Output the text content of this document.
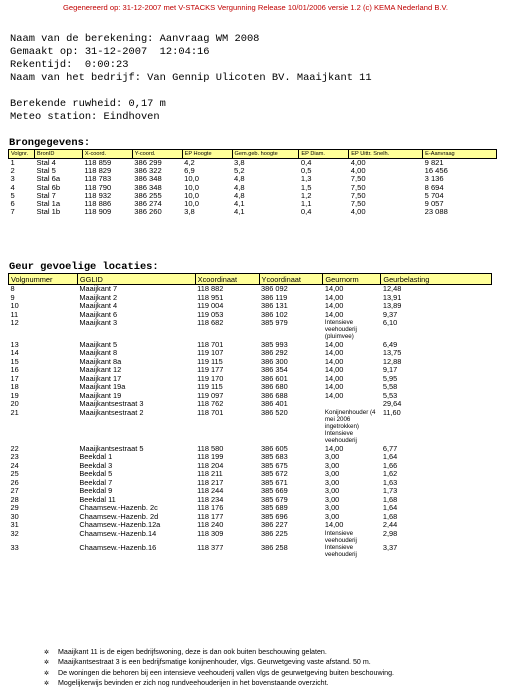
Gegenereerd op: 31-12-2007 met V-STACKS Vergunning Release 10/01/2006 versie 1.2 (c) KEMA Nederland B.V.
Naam van de berekening: Aanvraag WM 2008
Gemaakt op: 31-12-2007  12:04:16
Rekentijd:  0:00:23
Naam van het bedrijf: Van Gennip Ulicoten BV. Maaijkant 11
Berekende ruwheid: 0,17 m
Meteo station: Eindhoven
Brongegevens:
Volgnr.	BronID	X-coord.	Y-coord.	EP Hoogte	Gem.geb. hoogte	EP Diam.	EP Uittr. Snelh.	E-Aanvraag
1	Stal 4	118 859	386 299	4,2	3,8	0,4	4,00	9 821
2	Stal 5	118 829	386 322	6,9	5,2	0,5	4,00	16 456
3	Stal 6a	118 783	386 348	10,0	4,8	1,3	7,50	3 136
4	Stal 6b	118 790	386 348	10,0	4,8	1,5	7,50	8 694
5	Stal 7	118 932	386 255	10,0	4,8	1,2	7,50	5 704
6	Stal 1a	118 886	386 274	10,0	4,1	1,1	7,50	9 057
7	Stal 1b	118 909	386 260	3,8	4,1	0,4	4,00	23 088
Geur gevoelige locaties:
Volgnummer	GGLID	Xcoordinaat	Ycoordinaat	Geurnorm	Geurbelasting
8	Maaijkant 7	118 882	386 092	14,00	12,48
9	Maaijkant 2	118 951	386 119	14,00	13,91
10	Maaijkant 4	119 004	386 131	14,00	13,89
11	Maaijkant 6	119 053	386 102	14,00	9,37
12	Maaijkant 3	118 682	385 979	Intensieve veehouderij (pluimvee)	6,10
13	Maaijkant 5	118 701	385 993	14,00	6,49
14	Maaijkant 8	119 107	386 292	14,00	13,75
15	Maaijkant 8a	119 115	386 300	14,00	12,88
16	Maaijkant 12	119 177	386 354	14,00	9,17
17	Maaijkant 17	119 170	386 601	14,00	5,95
18	Maaijkant 19a	119 115	386 680	14,00	5,58
19	Maaijkant 19	119 097	386 688	14,00	5,53
20	Maaijkantsestraat 3	118 762	386 401		29,64
21	Maaijkantsestraat 2	118 701	386 520	Konijnenhouder (4 mei 2006 ingetrokken) Intensieve veehouderij	11,60
22	Maaijkantsestraat 5	118 580	386 605	14,00	6,77
23	Beekdal 1	118 199	385 683	3,00	1,64
24	Beekdal 3	118 204	385 675	3,00	1,66
25	Beekdal 5	118 211	385 672	3,00	1,62
26	Beekdal 7	118 217	385 671	3,00	1,63
27	Beekdal 9	118 244	385 669	3,00	1,73
28	Beekdal 11	118 234	385 679	3,00	1,68
29	Chaamsew.-Hazenb. 2c	118 176	385 689	3,00	1,64
30	Chaamsew.-Hazenb. 2d	118 177	385 696	3,00	1,68
31	Chaamsew.-Hazenb.12a	118 240	386 227	14,00	2,44
32	Chaamsew.-Hazenb.14	118 309	386 225	Intensieve veehouderij	2,98
33	Chaamsew.-Hazenb.16	118 377	386 258	Intensieve veehouderij	3,37
✲ Maaijkant 11 is de eigen bedrijfswoning, deze is dan ook buiten beschouwing gelaten.
✲ Maaijkantsestraat 3 is een bedrijfsmatige konijnenhouder, vlgs. Geurwetgeving vaste afstand. 50 m.
✲ De woningen die behoren bij een intensieve veehouderij vallen vlgs de geurwetgeving buiten beschouwing.
✲ Mogelijkerwijs bevinden er zich nog rundveehouderijen in het bovenstaande overzicht.
